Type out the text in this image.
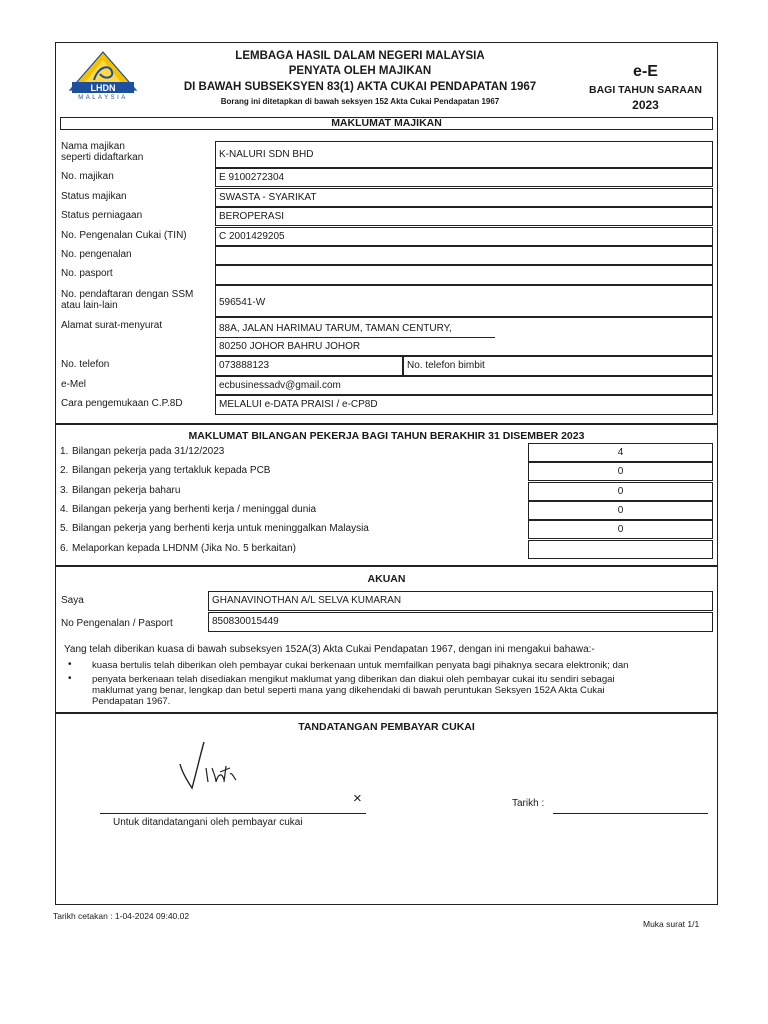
LHDN
MALAYSIA
LEMBAGA HASIL DALAM NEGERI MALAYSIA
PENYATA OLEH MAJIKAN
DI BAWAH SUBSEKSYEN 83(1) AKTA CUKAI PENDAPATAN 1967
Borang ini ditetapkan di bawah seksyen 152 Akta Cukai Pendapatan 1967
e-E
BAGI TAHUN SARAAN
2023
MAKLUMAT MAJIKAN
Nama majikan
seperti didaftarkan	K-NALURI SDN BHD
No. majikan	E 9100272304
Status majikan	SWASTA - SYARIKAT
Status perniagaan	BEROPERASI
No. Pengenalan Cukai (TIN)	C 2001429205
No. pengenalan
No. pasport
No. pendaftaran dengan SSM
atau lain-lain	596541-W
Alamat surat-menyurat	88A, JALAN HARIMAU TARUM, TAMAN CENTURY,
80250 JOHOR BAHRU JOHOR
No. telefon	073888123	No. telefon bimbit
e-Mel	ecbusinessadv@gmail.com
Cara pengemukaan C.P.8D	MELALUI e-DATA PRAISI / e-CP8D
MAKLUMAT BILANGAN PEKERJA BAGI TAHUN BERAKHIR 31 DISEMBER 2023
1. Bilangan pekerja pada 31/12/2023	4
2. Bilangan pekerja yang tertakluk kepada PCB	0
3. Bilangan pekerja baharu	0
4. Bilangan pekerja yang berhenti kerja / meninggal dunia	0
5. Bilangan pekerja yang berhenti kerja untuk meninggalkan Malaysia	0
6. Melaporkan kepada LHDNM (Jika No. 5 berkaitan)
AKUAN
Saya	GHANAVINOTHAN A/L SELVA KUMARAN
No Pengenalan / Pasport	850830015449
Yang telah diberikan kuasa di bawah subseksyen 152A(3) Akta Cukai Pendapatan 1967, dengan ini mengakui bahawa:-
• kuasa bertulis telah diberikan oleh pembayar cukai berkenaan untuk memfailkan penyata bagi pihaknya secara elektronik; dan
• penyata berkenaan telah disediakan mengikut maklumat yang diberikan dan diakui oleh pembayar cukai itu sendiri sebagai
maklumat yang benar, lengkap dan betul seperti mana yang dikehendaki di bawah peruntukan Seksyen 152A Akta Cukai
Pendapatan 1967.
TANDATANGAN PEMBAYAR CUKAI
×	Tarikh :
Untuk ditandatangani oleh pembayar cukai
Tarikh cetakan : 1-04-2024 09:40.02
Muka surat 1/1
